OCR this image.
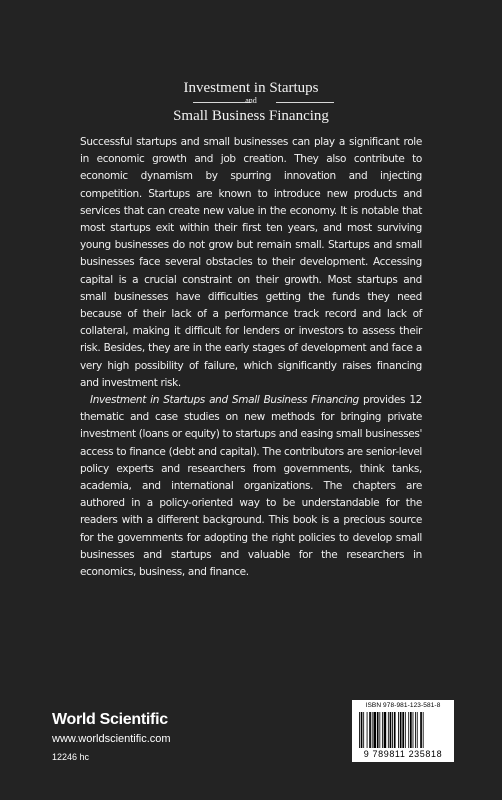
Investment in Startups
and
Small Business Financing

Successful startups and small businesses can play a significant role in economic growth and job creation. They also contribute to economic dynamism by spurring innovation and injecting competition. Startups are known to introduce new products and services that can create new value in the economy. It is notable that most startups exit within their first ten years, and most surviving young businesses do not grow but remain small. Startups and small businesses face several obstacles to their development. Accessing capital is a crucial constraint on their growth. Most startups and small businesses have difficulties getting the funds they need because of their lack of a performance track record and lack of collateral, making it difficult for lenders or investors to assess their risk. Besides, they are in the early stages of development and face a very high possibility of failure, which significantly raises financing and investment risk.

Investment in Startups and Small Business Financing provides 12 thematic and case studies on new methods for bringing private investment (loans or equity) to startups and easing small businesses' access to finance (debt and capital). The contributors are senior-level policy experts and researchers from governments, think tanks, academia, and international organizations. The chapters are authored in a policy-oriented way to be understandable for the readers with a different background. This book is a precious source for the governments for adopting the right policies to develop small businesses and startups and valuable for the researchers in economics, business, and finance.

World Scientific
www.worldscientific.com
12246 hc
ISBN 978-981-123-581-8
9 789811 235818
